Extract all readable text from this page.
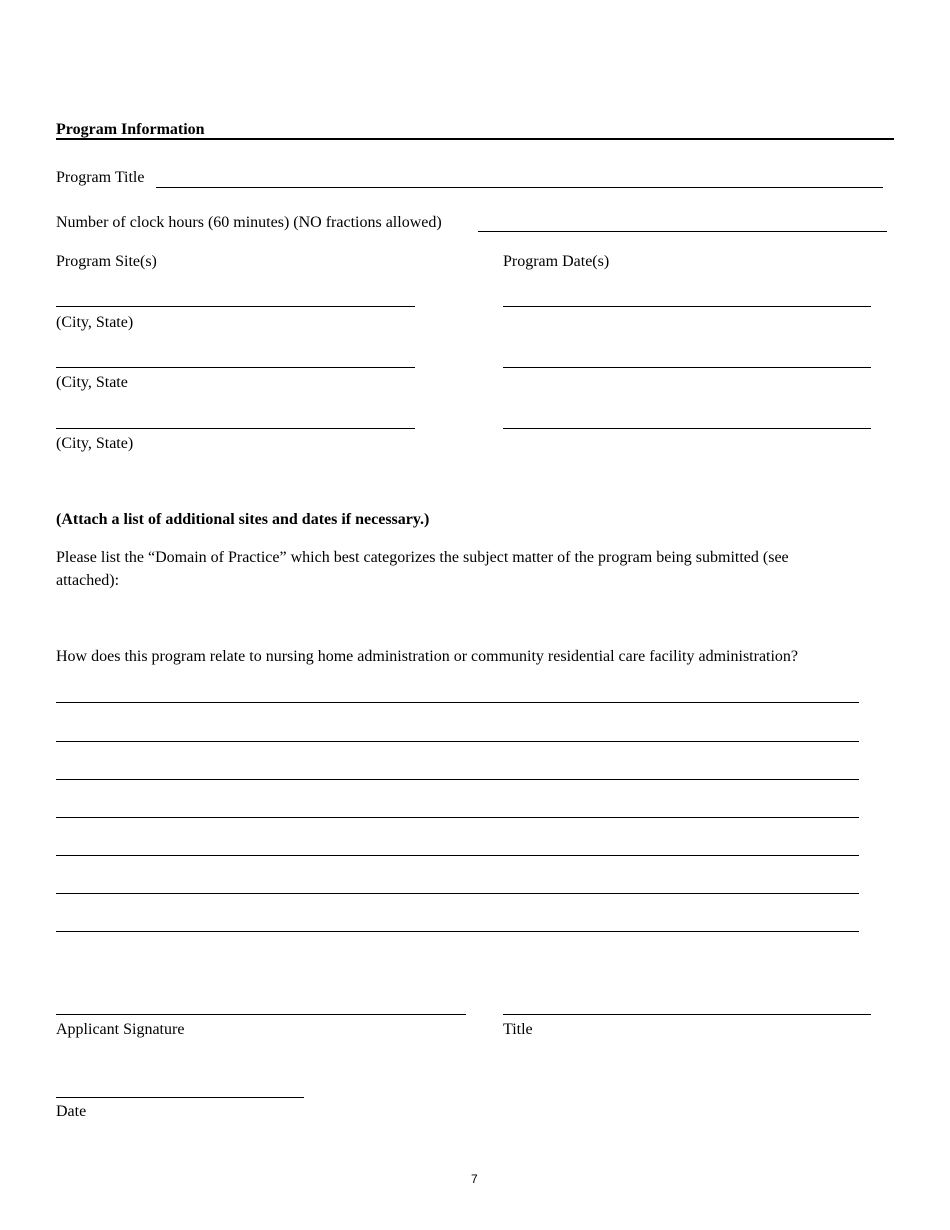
Program Information
Program Title
Number of clock hours (60 minutes) (NO fractions allowed)
Program Site(s)	Program Date(s)
(City, State)
(City, State
(City, State)
(Attach a list of additional sites and dates if necessary.)
Please list the “Domain of Practice” which best categorizes the subject matter of the program being submitted (see
attached):
How does this program relate to nursing home administration or community residential care facility administration?
Applicant Signature	Title
Date
7
